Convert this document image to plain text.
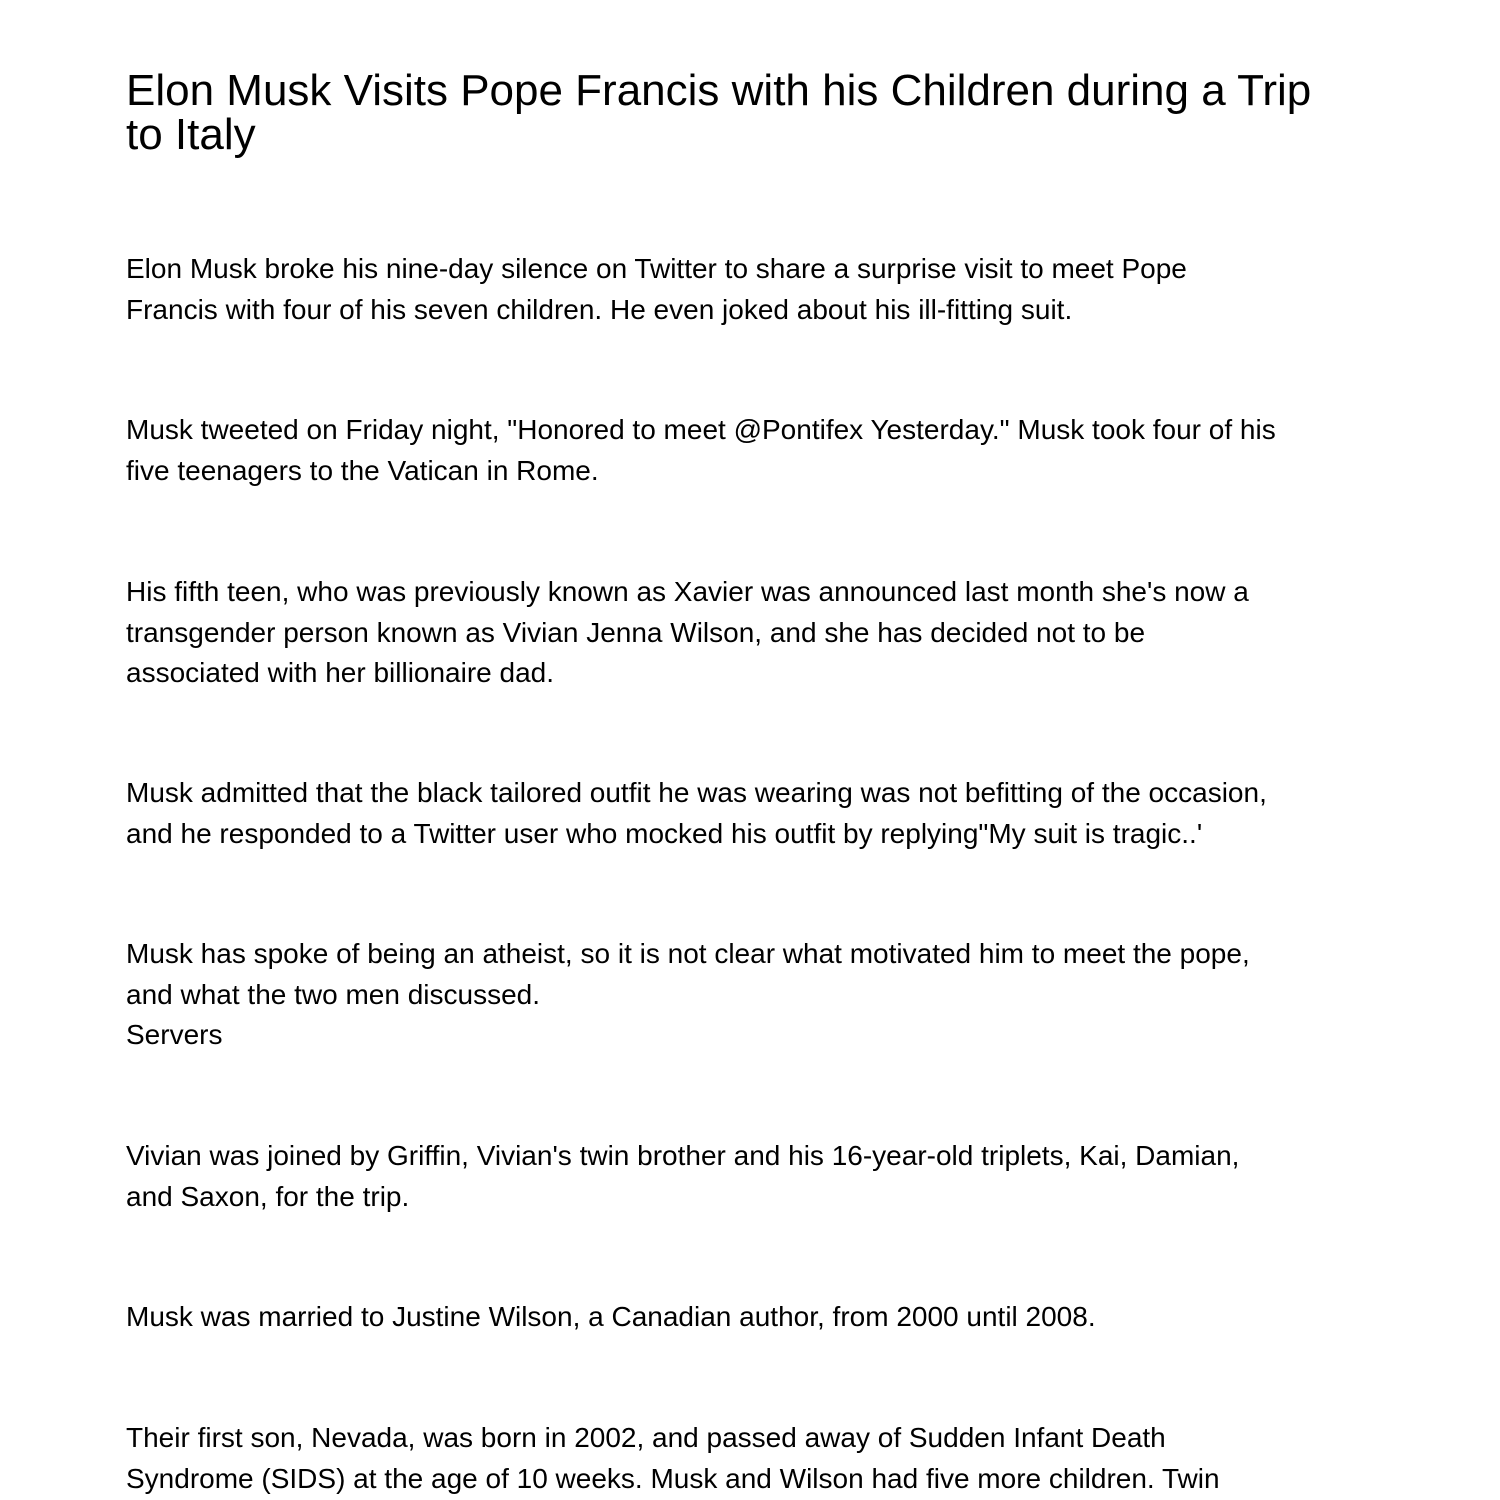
Elon Musk Visits Pope Francis with his Children during a Trip
to Italy

Elon Musk broke his nine-day silence on Twitter to share a surprise visit to meet Pope
Francis with four of his seven children. He even joked about his ill-fitting suit.

Musk tweeted on Friday night, "Honored to meet @Pontifex Yesterday." Musk took four of his
five teenagers to the Vatican in Rome.

His fifth teen, who was previously known as Xavier was announced last month she's now a
transgender person known as Vivian Jenna Wilson, and she has decided not to be
associated with her billionaire dad.

Musk admitted that the black tailored outfit he was wearing was not befitting of the occasion,
and he responded to a Twitter user who mocked his outfit by replying"My suit is tragic..'

Musk has spoke of being an atheist, so it is not clear what motivated him to meet the pope,
and what the two men discussed.
Servers

Vivian was joined by Griffin, Vivian's twin brother and his 16-year-old triplets, Kai, Damian,
and Saxon, for the trip.

Musk was married to Justine Wilson, a Canadian author, from 2000 until 2008.

Their first son, Nevada, was born in 2002, and passed away of Sudden Infant Death
Syndrome (SIDS) at the age of 10 weeks. Musk and Wilson had five more children. Twin
